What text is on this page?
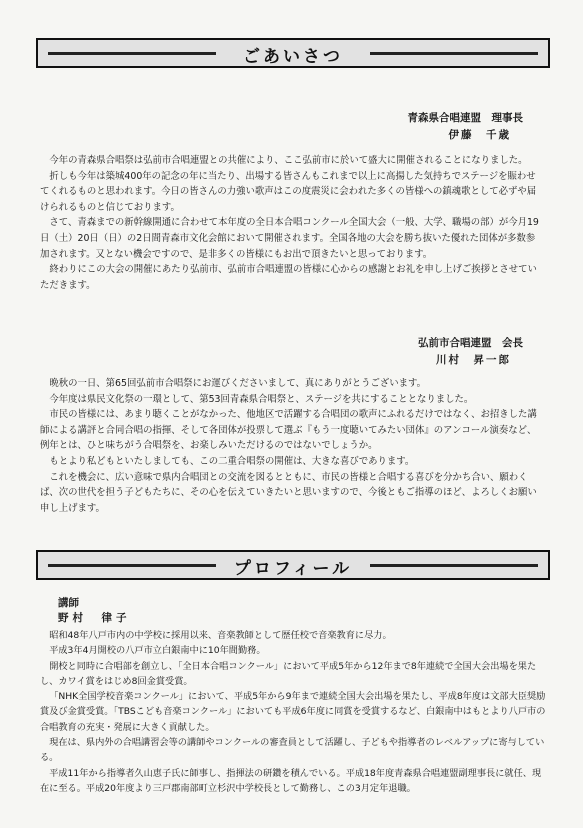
ごあいさつ
青森県合唱連盟　理事長

伊藤　千歳

今年の青森県合唱祭は弘前市合唱連盟との共催により、ここ弘前市に於いて盛大に開催されることになりました。

折しも今年は築城400年の記念の年に当たり、出場する皆さんもこれまで以上に高揚した気持ちでステージを賑わせてくれるものと思われます。今日の皆さんの力強い歌声はこの度震災に会われた多くの皆様への鎮魂歌として必ずや届けられるものと信じております。

さて、青森までの新幹線開通に合わせて本年度の全日本合唱コンクール全国大会（一般、大学、職場の部）が今月19日（土）20日（日）の2日間青森市文化会館において開催されます。全国各地の大会を勝ち抜いた優れた団体が多数参加されます。又とない機会ですので、是非多くの皆様にもお出で頂きたいと思っております。

終わりにこの大会の開催にあたり弘前市、弘前市合唱連盟の皆様に心からの感謝とお礼を申し上げご挨拶とさせていただきます。

弘前市合唱連盟　会長

川村　昇一郎

晩秋の一日、第65回弘前市合唱祭にお運びくださいまして、真にありがとうございます。

今年度は県民文化祭の一環として、第53回青森県合唱祭と、ステージを共にすることとなりました。

市民の皆様には、あまり聴くことがなかった、他地区で活躍する合唱団の歌声にふれるだけではなく、お招きした講師による講評と合同合唱の指揮、そして各団体が投票して選ぶ『もう一度聴いてみたい団体』のアンコール演奏など、例年とは、ひと味ちがう合唱祭を、お楽しみいただけるのではないでしょうか。

もとより私どもといたしましても、この二重合唱祭の開催は、大きな喜びであります。

これを機会に、広い意味で県内合唱団との交流を図るとともに、市民の皆様と合唱する喜びを分かち合い、願わくば、次の世代を担う子どもたちに、その心を伝えていきたいと思いますので、今後ともご指導のほど、よろしくお願い申し上げます。

プロフィール
講師

野村　律子

昭和48年八戸市内の中学校に採用以来、音楽教師として歴任校で音楽教育に尽力。

平成3年4月開校の八戸市立白銀南中に10年間勤務。

開校と同時に合唱部を創立し、「全日本合唱コンクール」において平成5年から12年まで8年連続で全国大会出場を果たし、カワイ賞をはじめ8回金賞受賞。

「NHK全国学校音楽コンクール」において、平成5年から9年まで連続全国大会出場を果たし、平成8年度は文部大臣奨励賞及び金賞受賞。「TBSこども音楽コンクール」においても平成6年度に同賞を受賞するなど、白銀南中はもとより八戸市の合唱教育の充実・発展に大きく貢献した。

現在は、県内外の合唱講習会等の講師やコンクールの審査員として活躍し、子どもや指導者のレベルアップに寄与している。

平成11年から指導者久山恵子氏に師事し、指揮法の研鑽を積んでいる。平成18年度青森県合唱連盟副理事長に就任、現在に至る。平成20年度より三戸郡南部町立杉沢中学校長として勤務し、この3月定年退職。
